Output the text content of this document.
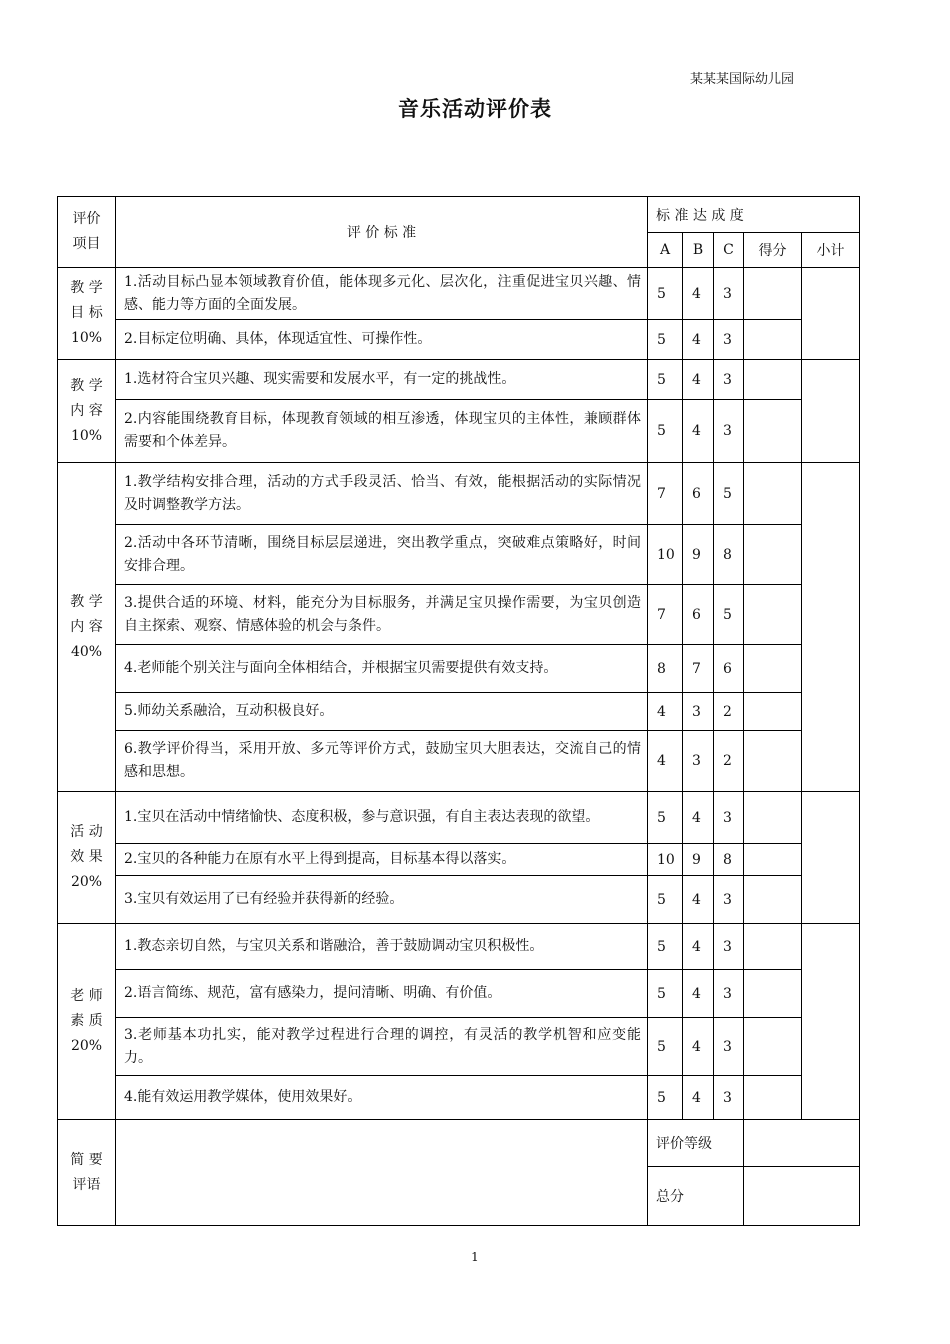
某某某国际幼儿园
音乐活动评价表
评价
项目	评 价 标 准	标 准 达 成 度				
		A	B	C	得分	小计
教 学
目 标
10%	1.活动目标凸显本领域教育价值，能体现多元化、层次化，注重促进宝贝兴趣、情感、能力等方面的全面发展。	5	4	3		
	2.目标定位明确、具体，体现适宜性、可操作性。	5	4	3		
教 学
内 容
10%	1.选材符合宝贝兴趣、现实需要和发展水平，有一定的挑战性。	5	4	3		
	2.内容能围绕教育目标，体现教育领域的相互渗透，体现宝贝的主体性，兼顾群体需要和个体差异。	5	4	3		
教 学
内 容
40%	1.教学结构安排合理，活动的方式手段灵活、恰当、有效，能根据活动的实际情况及时调整教学方法。	7	6	5		
	2.活动中各环节清晰，围绕目标层层递进，突出教学重点，突破难点策略好，时间安排合理。	10	9	8		
	3.提供合适的环境、材料，能充分为目标服务，并满足宝贝操作需要，为宝贝创造自主探索、观察、情感体验的机会与条件。	7	6	5		
	4.老师能个别关注与面向全体相结合，并根据宝贝需要提供有效支持。	8	7	6		
	5.师幼关系融洽，互动积极良好。	4	3	2		
	6.教学评价得当，采用开放、多元等评价方式，鼓励宝贝大胆表达，交流自己的情感和思想。	4	3	2		
活 动
效 果
20%	1.宝贝在活动中情绪愉快、态度积极，参与意识强，有自主表达表现的欲望。	5	4	3		
	2.宝贝的各种能力在原有水平上得到提高，目标基本得以落实。	10	9	8		
	3.宝贝有效运用了已有经验并获得新的经验。	5	4	3		
老 师
素 质
20%	1.教态亲切自然，与宝贝关系和谐融洽，善于鼓励调动宝贝积极性。	5	4	3		
	2.语言简练、规范，富有感染力，提问清晰、明确、有价值。	5	4	3		
	3.老师基本功扎实，能对教学过程进行合理的调控，有灵活的教学机智和应变能力。	5	4	3		
	4.能有效运用教学媒体，使用效果好。	5	4	3		
简 要
评语		评价等级				
		总分				
1
